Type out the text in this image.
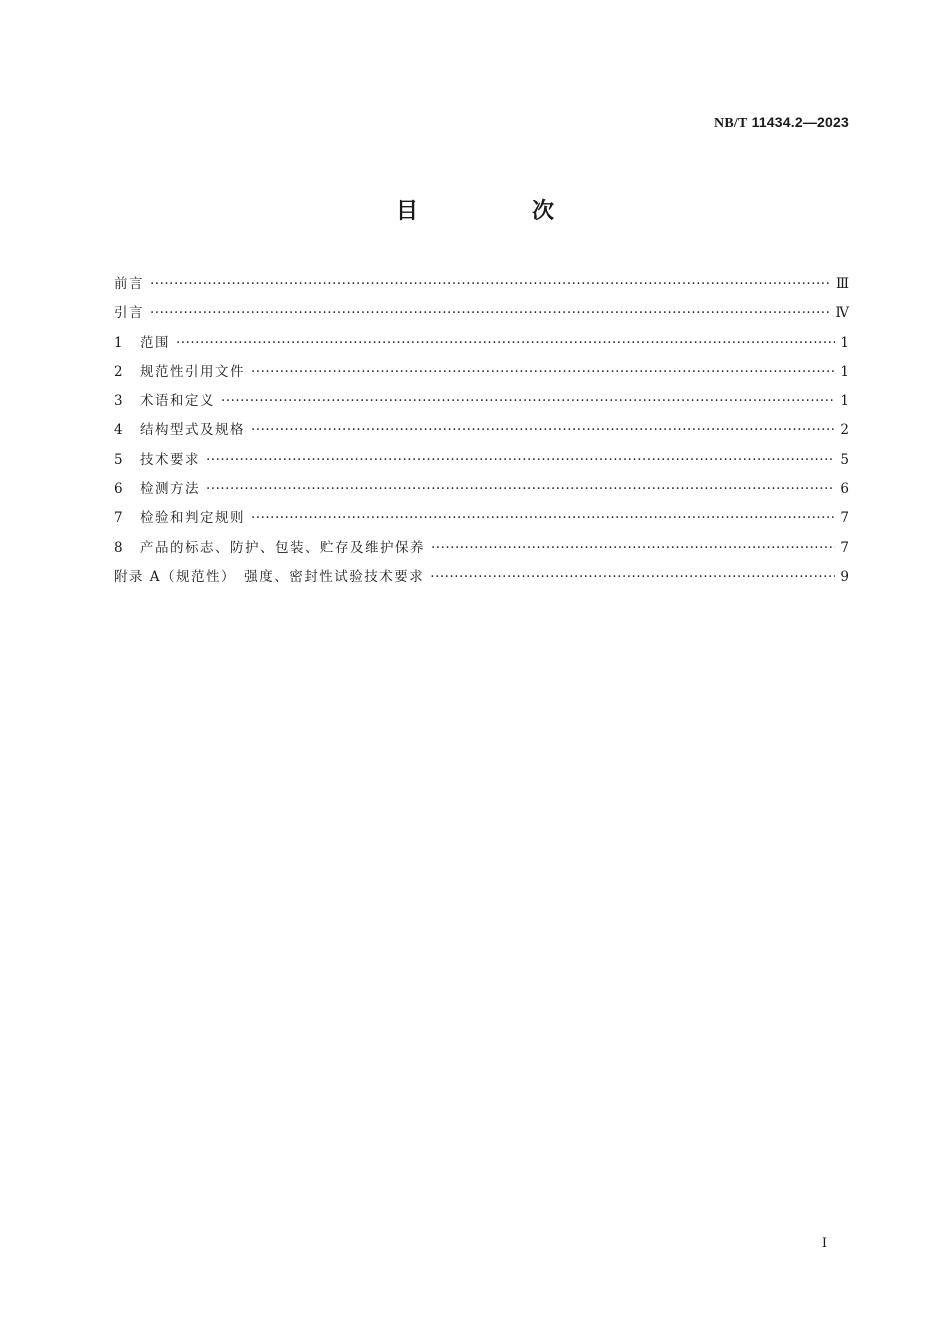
NB/T 11434.2—2023
目　次
前言 ·····	Ⅲ
引言 ·····	Ⅳ
1	范围 ·····	1
2	规范性引用文件 ·····	1
3	术语和定义 ·····	1
4	结构型式及规格 ·····	2
5	技术要求 ·····	5
6	检测方法 ·····	6
7	检验和判定规则 ·····	7
8	产品的标志、防护、包装、贮存及维护保养 ·····	7
附录 A（规范性）　强度、密封性试验技术要求 ·····	9
Ⅰ
